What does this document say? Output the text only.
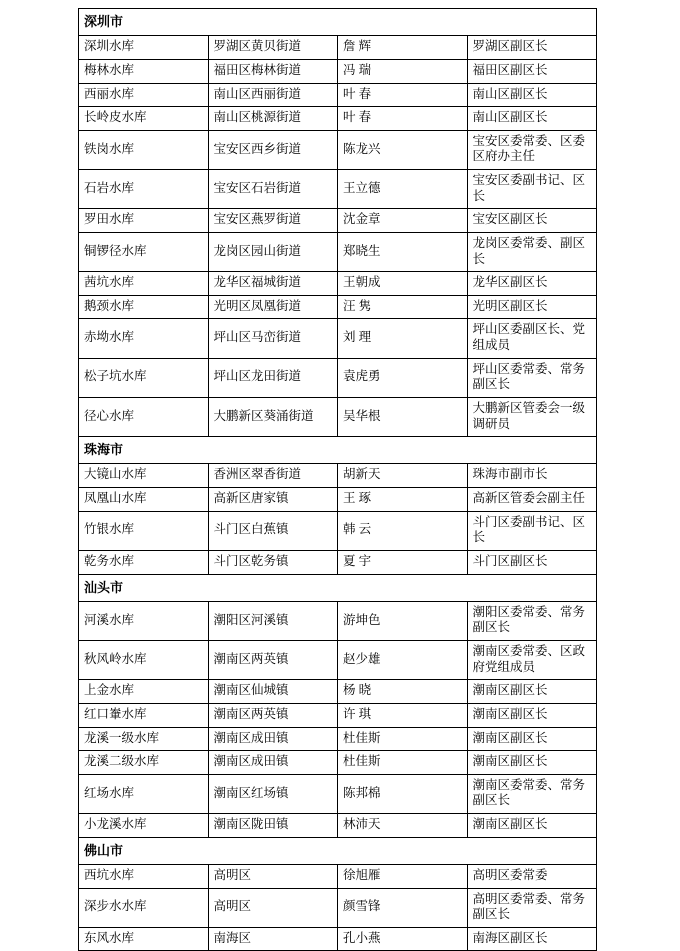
深圳市			
深圳水库	罗湖区黄贝街道	詹 辉	罗湖区副区长
梅林水库	福田区梅林街道	冯 瑞	福田区副区长
西丽水库	南山区西丽街道	叶 春	南山区副区长
长岭皮水库	南山区桃源街道	叶 春	南山区副区长
铁岗水库	宝安区西乡街道	陈龙兴	宝安区委常委、区委区府办主任
石岩水库	宝安区石岩街道	王立德	宝安区委副书记、区长
罗田水库	宝安区燕罗街道	沈金章	宝安区副区长
铜锣径水库	龙岗区园山街道	郑晓生	龙岗区委常委、副区长
茜坑水库	龙华区福城街道	王朝成	龙华区副区长
鹅颈水库	光明区凤凰街道	汪 隽	光明区副区长
赤坳水库	坪山区马峦街道	刘 理	坪山区委副区长、党组成员
松子坑水库	坪山区龙田街道	袁虎勇	坪山区委常委、常务副区长
径心水库	大鹏新区葵涌街道	吴华根	大鹏新区管委会一级调研员
珠海市			
大镜山水库	香洲区翠香街道	胡新天	珠海市副市长
凤凰山水库	高新区唐家镇	王 琢	高新区管委会副主任
竹银水库	斗门区白蕉镇	韩 云	斗门区委副书记、区长
乾务水库	斗门区乾务镇	夏 宇	斗门区副区长
汕头市			
河溪水库	潮阳区河溪镇	游坤色	潮阳区委常委、常务副区长
秋风岭水库	潮南区两英镇	赵少雄	潮南区委常委、区政府党组成员
上金水库	潮南区仙城镇	杨 晓	潮南区副区长
红口輋水库	潮南区两英镇	许 琪	潮南区副区长
龙溪一级水库	潮南区成田镇	杜佳斯	潮南区副区长
龙溪二级水库	潮南区成田镇	杜佳斯	潮南区副区长
红场水库	潮南区红场镇	陈邦棉	潮南区委常委、常务副区长
小龙溪水库	潮南区陇田镇	林沛天	潮南区副区长
佛山市			
西坑水库	高明区	徐旭雁	高明区委常委
深步水水库	高明区	颜雪锋	高明区委常委、常务副区长
东风水库	南海区	孔小燕	南海区副区长
